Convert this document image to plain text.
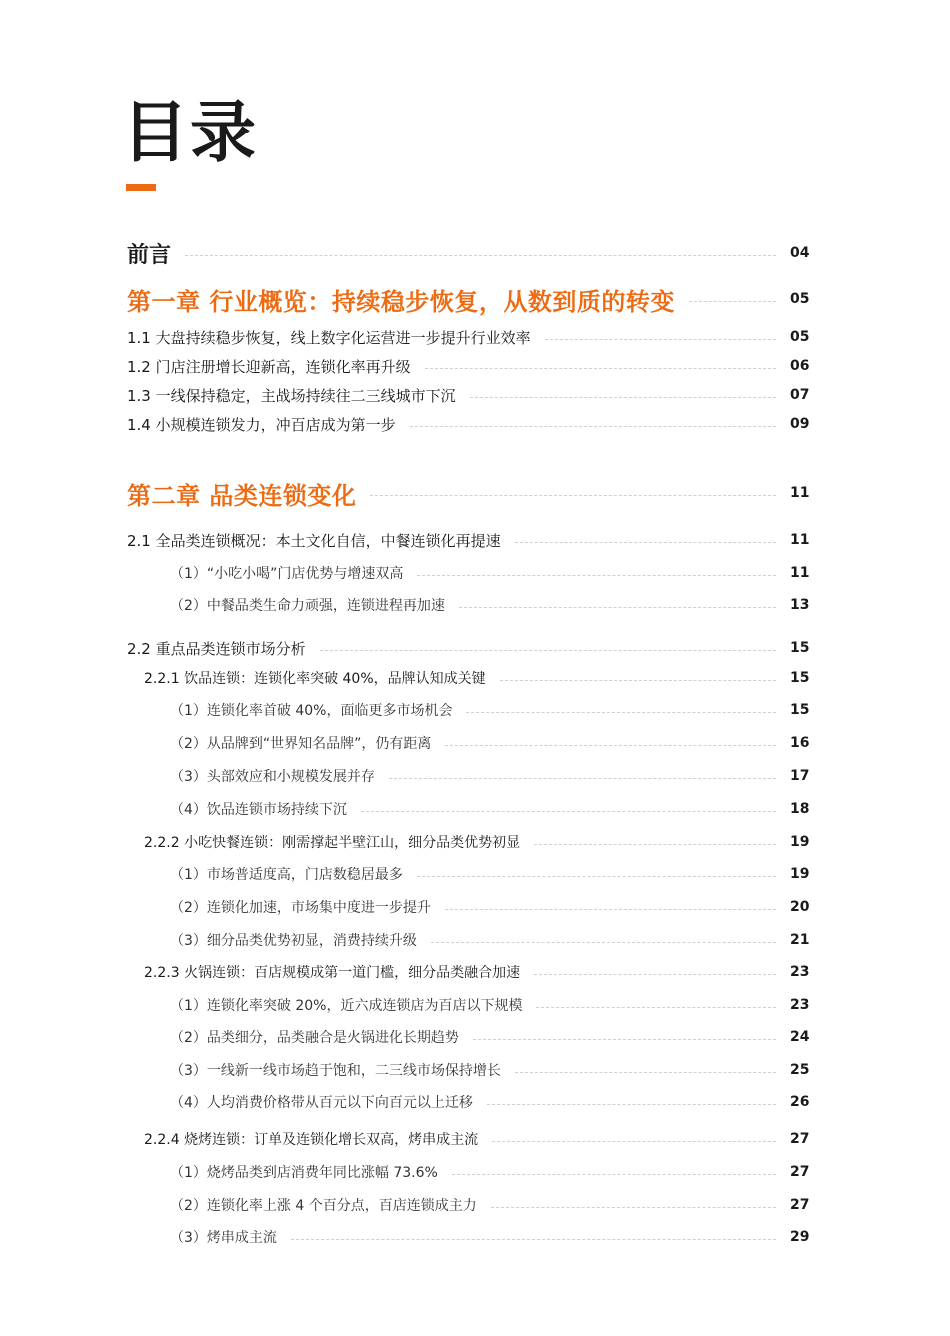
目录
前言	04
第一章 行业概览：持续稳步恢复，从数到质的转变	05
1.1 大盘持续稳步恢复，线上数字化运营进一步提升行业效率	05
1.2 门店注册增长迎新高，连锁化率再升级	06
1.3 一线保持稳定，主战场持续往二三线城市下沉	07
1.4 小规模连锁发力，冲百店成为第一步	09
第二章 品类连锁变化	11
2.1 全品类连锁概况：本土文化自信，中餐连锁化再提速	11
（1）“小吃小喝”门店优势与增速双高	11
（2）中餐品类生命力顽强，连锁进程再加速	13
2.2 重点品类连锁市场分析	15
2.2.1 饮品连锁：连锁化率突破 40%，品牌认知成关键	15
（1）连锁化率首破 40%，面临更多市场机会	15
（2）从品牌到“世界知名品牌”，仍有距离	16
（3）头部效应和小规模发展并存	17
（4）饮品连锁市场持续下沉	18
2.2.2 小吃快餐连锁：刚需撑起半壁江山，细分品类优势初显	19
（1）市场普适度高，门店数稳居最多	19
（2）连锁化加速，市场集中度进一步提升	20
（3）细分品类优势初显，消费持续升级	21
2.2.3 火锅连锁：百店规模成第一道门槛，细分品类融合加速	23
（1）连锁化率突破 20%，近六成连锁店为百店以下规模	23
（2）品类细分，品类融合是火锅进化长期趋势	24
（3）一线新一线市场趋于饱和，二三线市场保持增长	25
（4）人均消费价格带从百元以下向百元以上迁移	26
2.2.4 烧烤连锁：订单及连锁化增长双高，烤串成主流	27
（1）烧烤品类到店消费年同比涨幅 73.6%	27
（2）连锁化率上涨 4 个百分点，百店连锁成主力	27
（3）烤串成主流	29
